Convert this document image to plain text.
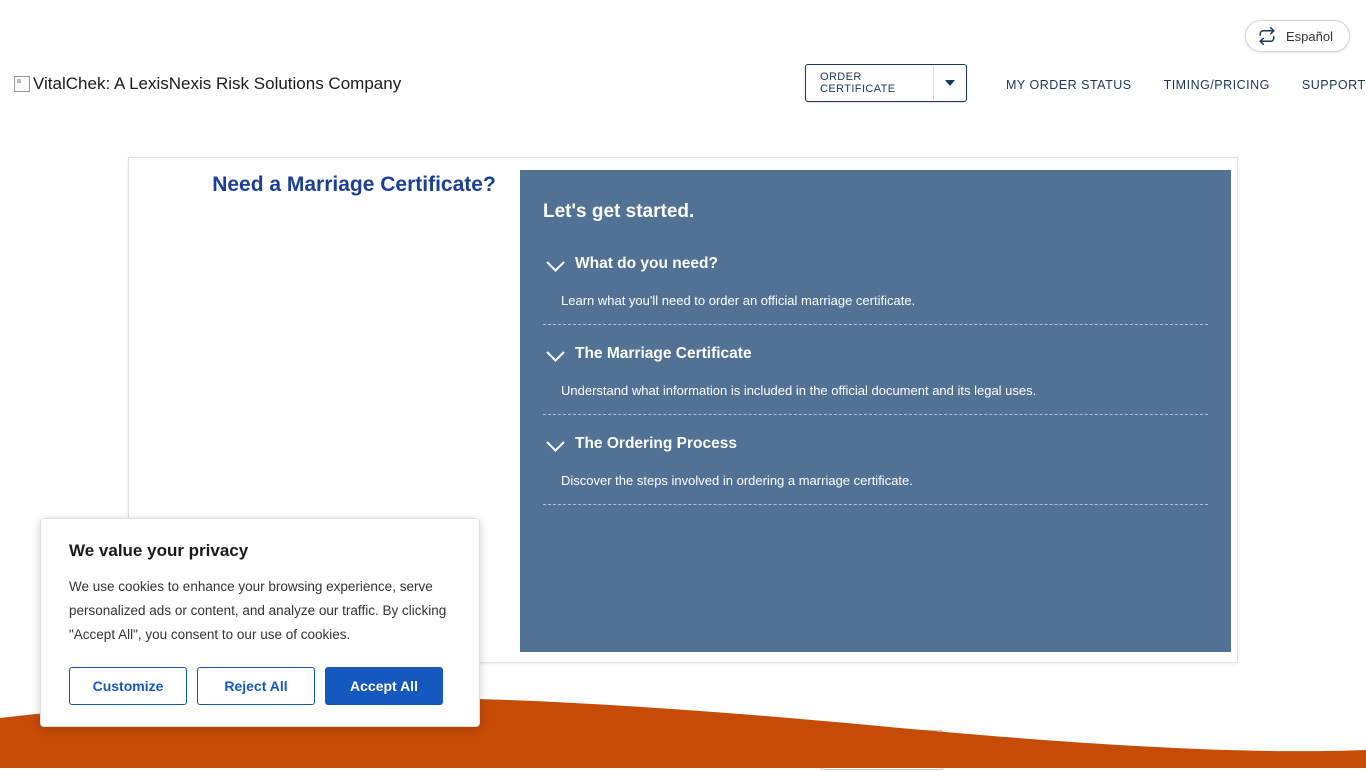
Español
VitalChek: A LexisNexis Risk Solutions Company	ORDER CERTIFICATE	MY ORDER STATUS	TIMING/PRICING	SUPPORT
Need a Marriage Certificate?
Let's get started.
What do you need?
Learn what you'll need to order an official marriage certificate.
The Marriage Certificate
Understand what information is included in the official document and its legal uses.
The Ordering Process
Discover the steps involved in ordering a marriage certificate.
We value your privacy
We use cookies to enhance your browsing experience, serve personalized ads or content, and analyze our traffic. By clicking "Accept All", you consent to our use of cookies.
Customize	Reject All	Accept All
